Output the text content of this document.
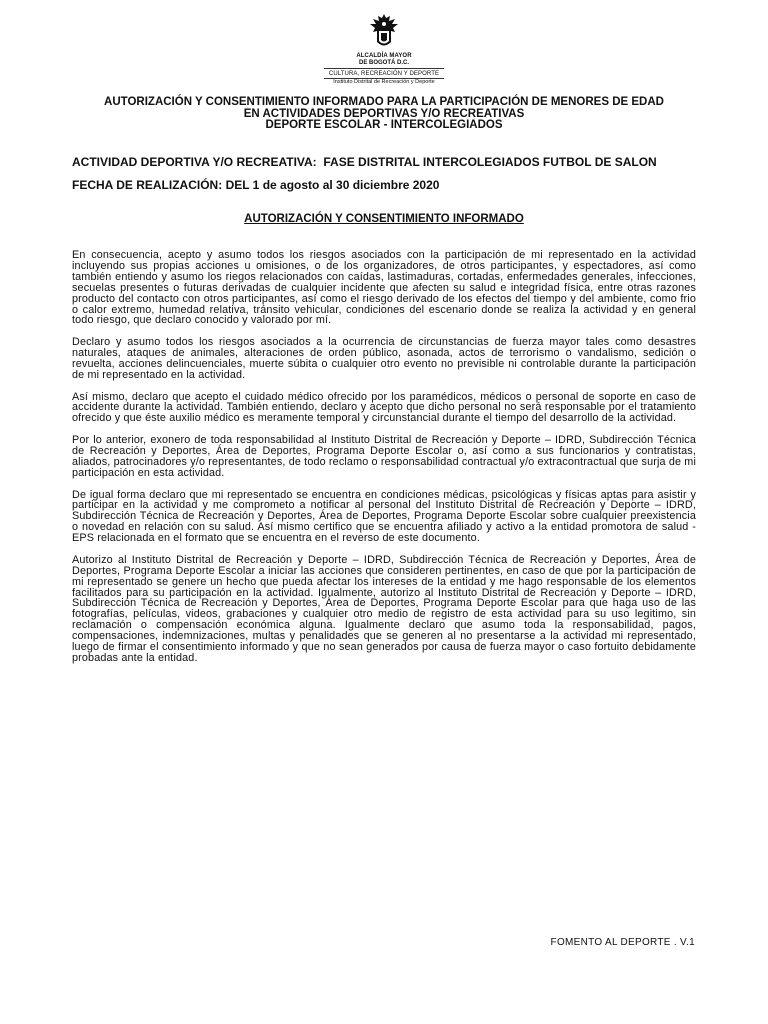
ALCALDÍA MAYOR
DE BOGOTÁ D.C.
CULTURA, RECREACIÓN Y DEPORTE
Instituto Distrital de Recreación y Deporte
AUTORIZACIÓN Y CONSENTIMIENTO INFORMADO PARA LA PARTICIPACIÓN DE MENORES DE EDAD
EN ACTIVIDADES DEPORTIVAS Y/O RECREATIVAS
DEPORTE ESCOLAR - INTERCOLEGIADOS
ACTIVIDAD DEPORTIVA Y/O RECREATIVA: FASE DISTRITAL INTERCOLEGIADOS FUTBOL DE SALON
FECHA DE REALIZACIÓN: DEL 1 de agosto al 30 diciembre 2020
AUTORIZACIÓN Y CONSENTIMIENTO INFORMADO

En consecuencia, acepto y asumo todos los riesgos asociados con la participación de mi representado en la actividad incluyendo sus propias acciones u omisiones, o de los organizadores, de otros participantes, y espectadores, así como también entiendo y asumo los riegos relacionados con caídas, lastimaduras, cortadas, enfermedades generales, infecciones, secuelas presentes o futuras derivadas de cualquier incidente que afecten su salud e integridad física, entre otras razones producto del contacto con otros participantes, así como el riesgo derivado de los efectos del tiempo y del ambiente, como frio o calor extremo, humedad relativa, tránsito vehicular, condiciones del escenario donde se realiza la actividad y en general todo riesgo, que declaro conocido y valorado por mí.

Declaro y asumo todos los riesgos asociados a la ocurrencia de circunstancias de fuerza mayor tales como desastres naturales, ataques de animales, alteraciones de orden público, asonada, actos de terrorismo o vandalismo, sedición o revuelta, acciones delincuenciales, muerte súbita o cualquier otro evento no previsible ni controlable durante la participación de mi representado en la actividad.

Así mismo, declaro que acepto el cuidado médico ofrecido por los paramédicos, médicos o personal de soporte en caso de accidente durante la actividad. También entiendo, declaro y acepto que dicho personal no será responsable por el tratamiento ofrecido y que éste auxilio médico es meramente temporal y circunstancial durante el tiempo del desarrollo de la actividad.

Por lo anterior, exonero de toda responsabilidad al Instituto Distrital de Recreación y Deporte – IDRD, Subdirección Técnica de Recreación y Deportes, Área de Deportes, Programa Deporte Escolar o, así como a sus funcionarios y contratistas, aliados, patrocinadores y/o representantes, de todo reclamo o responsabilidad contractual y/o extracontractual que surja de mi participación en esta actividad.

De igual forma declaro que mi representado se encuentra en condiciones médicas, psicológicas y físicas aptas para asistir y participar en la actividad y me comprometo a notificar al personal del Instituto Distrital de Recreación y Deporte – IDRD, Subdirección Técnica de Recreación y Deportes, Área de Deportes, Programa Deporte Escolar sobre cualquier preexistencia o novedad en relación con su salud. Así mismo certifico que se encuentra afiliado y activo a la entidad promotora de salud - EPS relacionada en el formato que se encuentra en el reverso de este documento.

Autorizo al Instituto Distrital de Recreación y Deporte – IDRD, Subdirección Técnica de Recreación y Deportes, Área de Deportes, Programa Deporte Escolar a iniciar las acciones que consideren pertinentes, en caso de que por la participación de mi representado se genere un hecho que pueda afectar los intereses de la entidad y me hago responsable de los elementos facilitados para su participación en la actividad. Igualmente, autorizo al Instituto Distrital de Recreación y Deporte – IDRD, Subdirección Técnica de Recreación y Deportes, Área de Deportes, Programa Deporte Escolar para que haga uso de las fotografías, películas, videos, grabaciones y cualquier otro medio de registro de esta actividad para su uso legitimo, sin reclamación o compensación económica alguna. Igualmente declaro que asumo toda la responsabilidad, pagos, compensaciones, indemnizaciones, multas y penalidades que se generen al no presentarse a la actividad mi representado, luego de firmar el consentimiento informado y que no sean generados por causa de fuerza mayor o caso fortuito debidamente probadas ante la entidad.

FOMENTO AL DEPORTE . V.1
